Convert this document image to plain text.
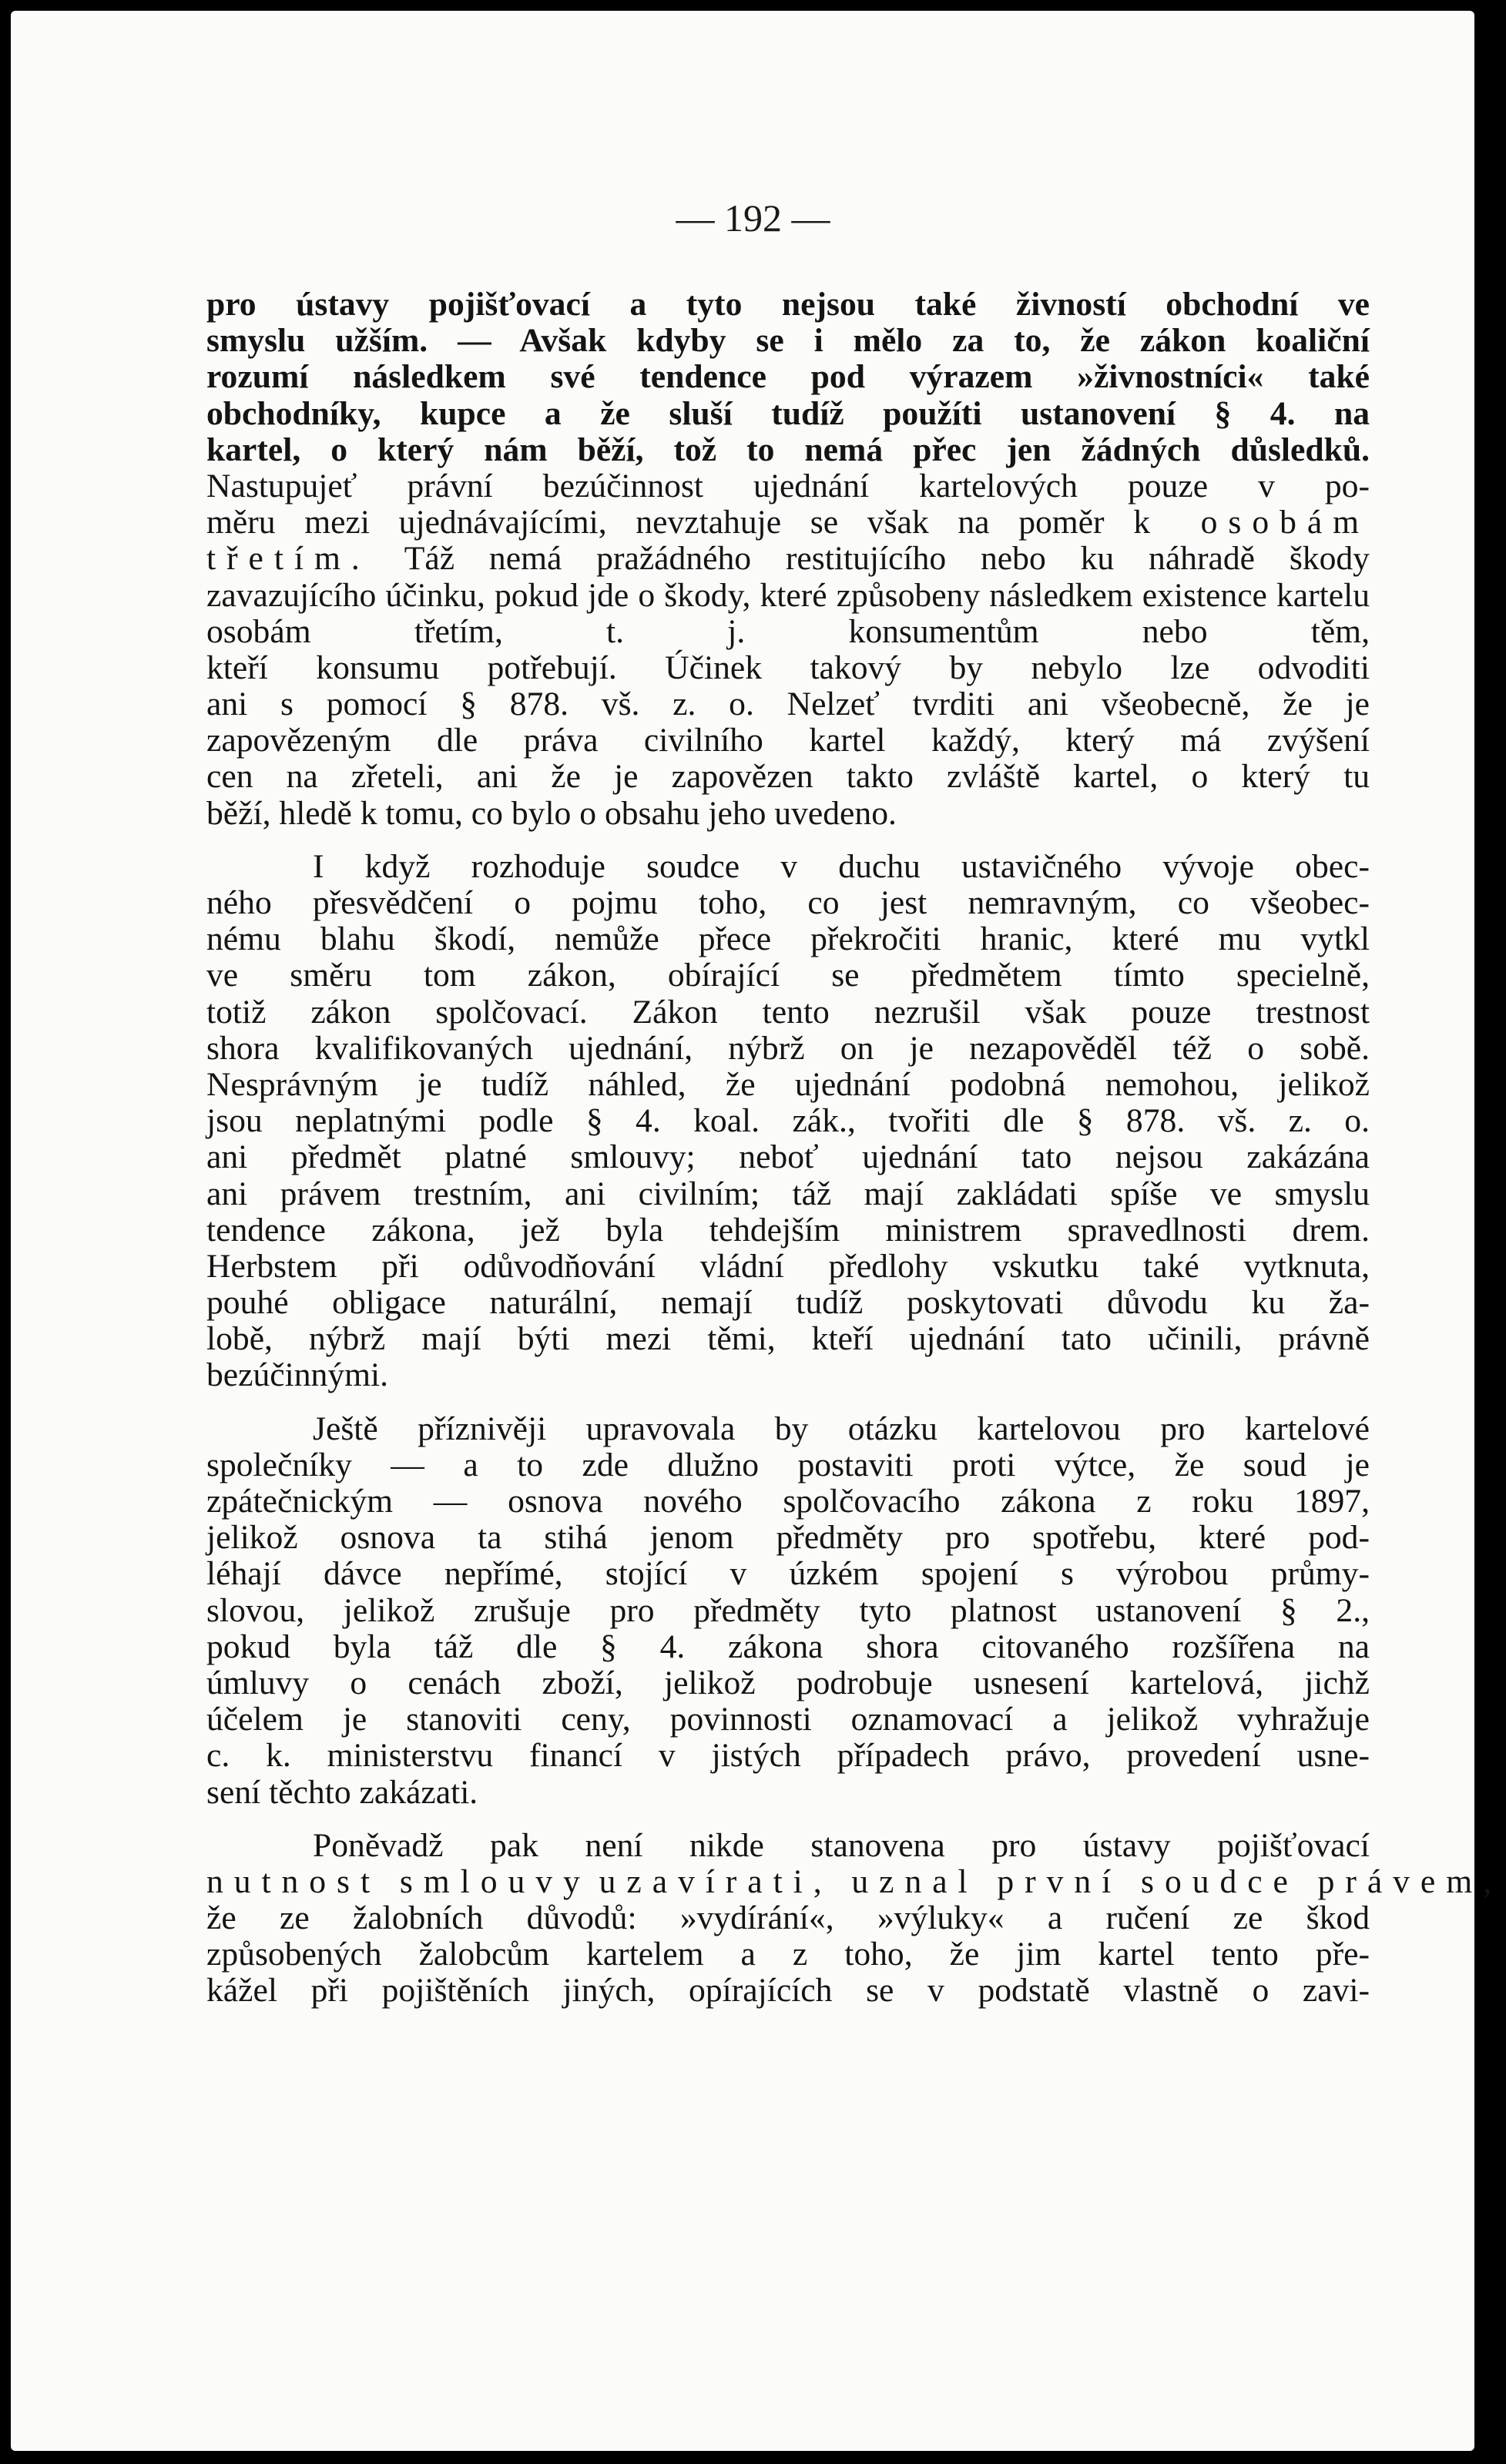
— 192 —
pro ústavy pojišťovací a tyto nejsou také živností obchodní ve
smyslu užším. — Avšak kdyby se i mělo za to, že zákon koaliční
rozumí následkem své tendence pod výrazem »živnostníci« také
obchodníky, kupce a že sluší tudíž použíti ustanovení § 4. na
kartel, o který nám běží, tož to nemá přec jen žádných důsledků.
Nastupujeť právní bezúčinnost ujednání kartelových pouze v po-
měru mezi ujednávajícími, nevztahuje se však na poměr k osobám
třetím. Táž nemá pražádného restitujícího nebo ku náhradě škody
zavazujícího účinku, pokud jde o škody, které způsobeny následkem existence kartelu osobám třetím, t. j. konsumentům nebo těm,
kteří konsumu potřebují. Účinek takový by nebylo lze odvoditi
ani s pomocí § 878. vš. z. o. Nelzeť tvrditi ani všeobecně, že je
zapovězeným dle práva civilního kartel každý, který má zvýšení
cen na zřeteli, ani že je zapovězen takto zvláště kartel, o který tu
běží, hledě k tomu, co bylo o obsahu jeho uvedeno.
I když rozhoduje soudce v duchu ustavičného vývoje obec-
ného přesvědčení o pojmu toho, co jest nemravným, co všeobec-
nému blahu škodí, nemůže přece překročiti hranic, které mu vytkl
ve směru tom zákon, obírající se předmětem tímto specielně,
totiž zákon spolčovací. Zákon tento nezrušil však pouze trestnost
shora kvalifikovaných ujednání, nýbrž on je nezapověděl též o sobě.
Nesprávným je tudíž náhled, že ujednání podobná nemohou, jelikož
jsou neplatnými podle § 4. koal. zák., tvořiti dle § 878. vš. z. o.
ani předmět platné smlouvy; neboť ujednání tato nejsou zakázána
ani právem trestním, ani civilním; táž mají zakládati spíše ve smyslu
tendence zákona, jež byla tehdejším ministrem spravedlnosti drem.
Herbstem při odůvodňování vládní předlohy vskutku také vytknuta,
pouhé obligace naturální, nemají tudíž poskytovati důvodu ku ža-
lobě, nýbrž mají býti mezi těmi, kteří ujednání tato učinili, právně
bezúčinnými.
Ještě příznivěji upravovala by otázku kartelovou pro kartelové
společníky — a to zde dlužno postaviti proti výtce, že soud je
zpátečnickým — osnova nového spolčovacího zákona z roku 1897,
jelikož osnova ta stihá jenom předměty pro spotřebu, které pod-
léhají dávce nepřímé, stojící v úzkém spojení s výrobou průmy-
slovou, jelikož zrušuje pro předměty tyto platnost ustanovení § 2.,
pokud byla táž dle § 4. zákona shora citovaného rozšířena na
úmluvy o cenách zboží, jelikož podrobuje usnesení kartelová, jichž
účelem je stanoviti ceny, povinnosti oznamovací a jelikož vyhražuje
c. k. ministerstvu financí v jistých případech právo, provedení usne-
sení těchto zakázati.
Poněvadž pak není nikde stanovena pro ústavy pojišťovací
nutnost smlouvy uzavírati, uznal první soudce právem,
že ze žalobních důvodů: »vydírání«, »výluky« a ručení ze škod
způsobených žalobcům kartelem a z toho, že jim kartel tento pře-
kážel při pojištěních jiných, opírajících se v podstatě vlastně o zavi-
